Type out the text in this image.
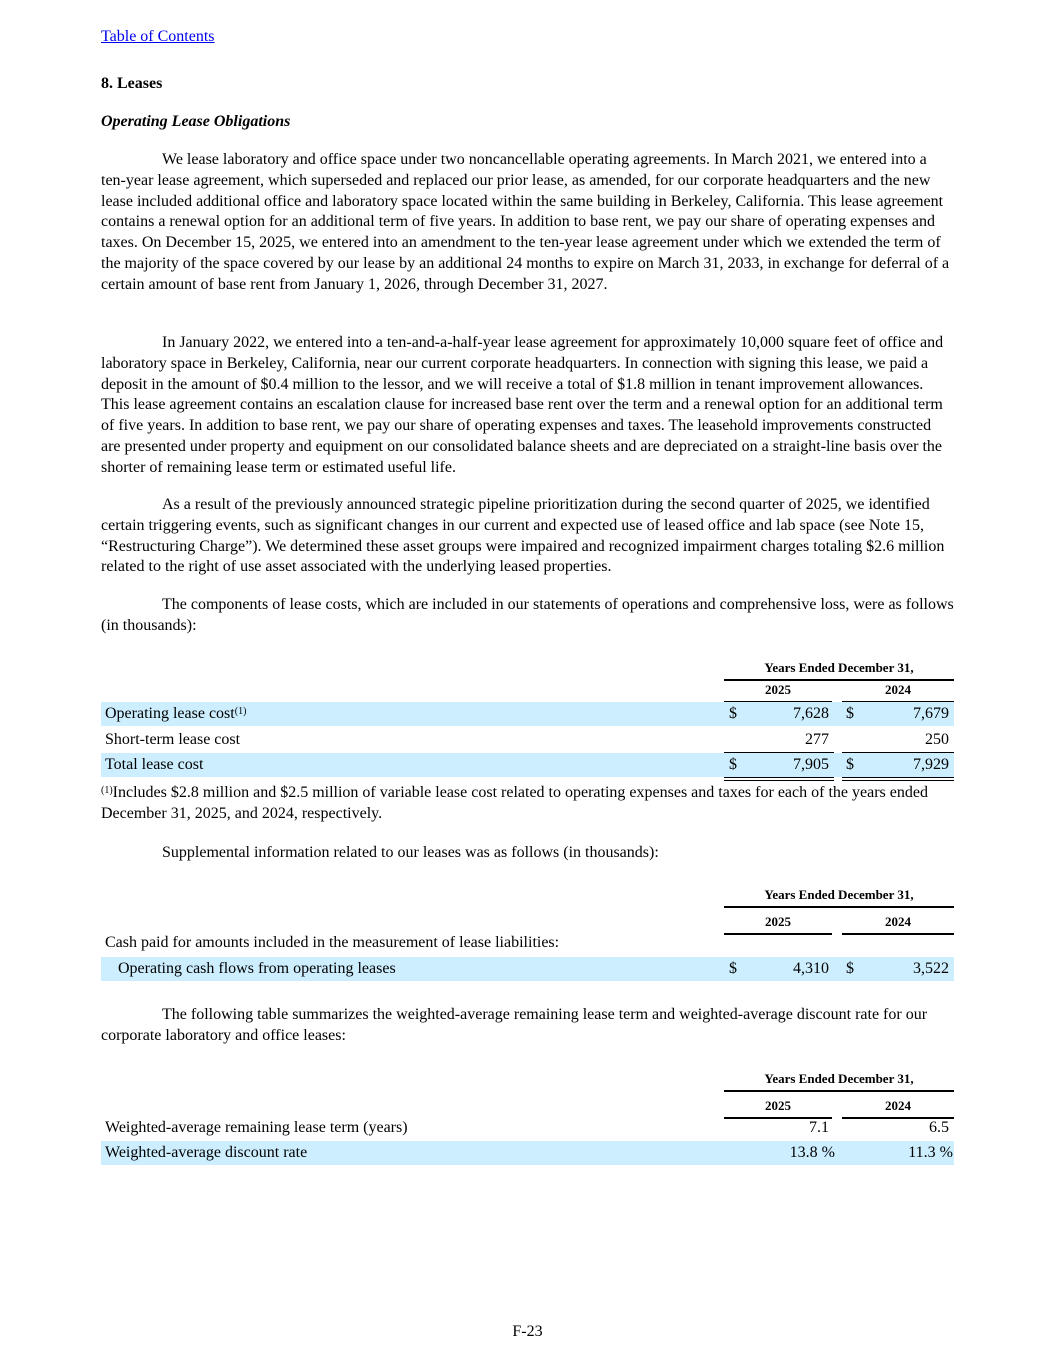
Table of Contents
8. Leases
Operating Lease Obligations

We lease laboratory and office space under two noncancellable operating agreements. In March 2021, we entered into a ten-year lease agreement, which superseded and replaced our prior lease, as amended, for our corporate headquarters and the new lease included additional office and laboratory space located within the same building in Berkeley, California. This lease agreement contains a renewal option for an additional term of five years. In addition to base rent, we pay our share of operating expenses and taxes. On December 15, 2025, we entered into an amendment to the ten-year lease agreement under which we extended the term of the majority of the space covered by our lease by an additional 24 months to expire on March 31, 2033, in exchange for deferral of a certain amount of base rent from January 1, 2026, through December 31, 2027.

In January 2022, we entered into a ten-and-a-half-year lease agreement for approximately 10,000 square feet of office and laboratory space in Berkeley, California, near our current corporate headquarters. In connection with signing this lease, we paid a deposit in the amount of $0.4 million to the lessor, and we will receive a total of $1.8 million in tenant improvement allowances. This lease agreement contains an escalation clause for increased base rent over the term and a renewal option for an additional term of five years. In addition to base rent, we pay our share of operating expenses and taxes. The leasehold improvements constructed are presented under property and equipment on our consolidated balance sheets and are depreciated on a straight-line basis over the shorter of remaining lease term or estimated useful life.

As a result of the previously announced strategic pipeline prioritization during the second quarter of 2025, we identified certain triggering events, such as significant changes in our current and expected use of leased office and lab space (see Note 15, “Restructuring Charge”). We determined these asset groups were impaired and recognized impairment charges totaling $2.6 million related to the right of use asset associated with the underlying leased properties.

The components of lease costs, which are included in our statements of operations and comprehensive loss, were as follows (in thousands):

Years Ended December 31,
2025	2024
Operating lease cost$^{(1)}$	$	7,628 $	7,679
Short-term lease cost	277	250
Total lease cost	$	7,905 $	7,929

$^{(1)}$Includes $2.8 million and $2.5 million of variable lease cost related to operating expenses and taxes for each of the years ended December 31, 2025, and 2024, respectively.

Supplemental information related to our leases was as follows (in thousands):

Years Ended December 31,
2025	2024
Cash paid for amounts included in the measurement of lease liabilities:
Operating cash flows from operating leases	$	4,310 $	3,522

The following table summarizes the weighted-average remaining lease term and weighted-average discount rate for our corporate laboratory and office leases:

Years Ended December 31,
2025	2024
Weighted-average remaining lease term (years)	7.1	6.5
Weighted-average discount rate	13.8 %	11.3 %
F-23
